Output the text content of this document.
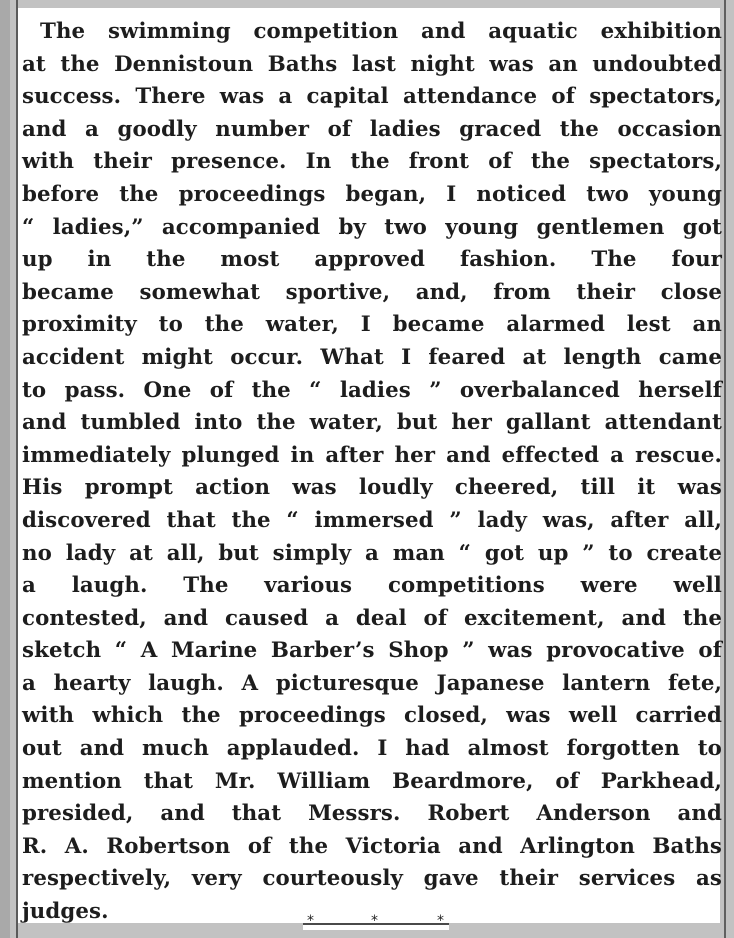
The swimming competition and aquatic exhibition
at the Dennistoun Baths last night was an undoubted
success. There was a capital attendance of spectators,
and a goodly number of ladies graced the occasion
with their presence. In the front of the spectators,
before the proceedings began, I noticed two young
“ ladies,” accompanied by two young gentlemen got
up in the most approved fashion. The four
became somewhat sportive, and, from their close
proximity to the water, I became alarmed lest an
accident might occur. What I feared at length came
to pass. One of the “ ladies ” overbalanced herself
and tumbled into the water, but her gallant attendant
immediately plunged in after her and effected a rescue.
His prompt action was loudly cheered, till it was
discovered that the “ immersed ” lady was, after all,
no lady at all, but simply a man “ got up ” to create
a laugh. The various competitions were well
contested, and caused a deal of excitement, and the
sketch “ A Marine Barber’s Shop ” was provocative of
a hearty laugh. A picturesque Japanese lantern fete,
with which the proceedings closed, was well carried
out and much applauded. I had almost forgotten to
mention that Mr. William Beardmore, of Parkhead,
presided, and that Messrs. Robert Anderson and
R. A. Robertson of the Victoria and Arlington Baths
respectively, very courteously gave their services as
judges.	*	*	*
